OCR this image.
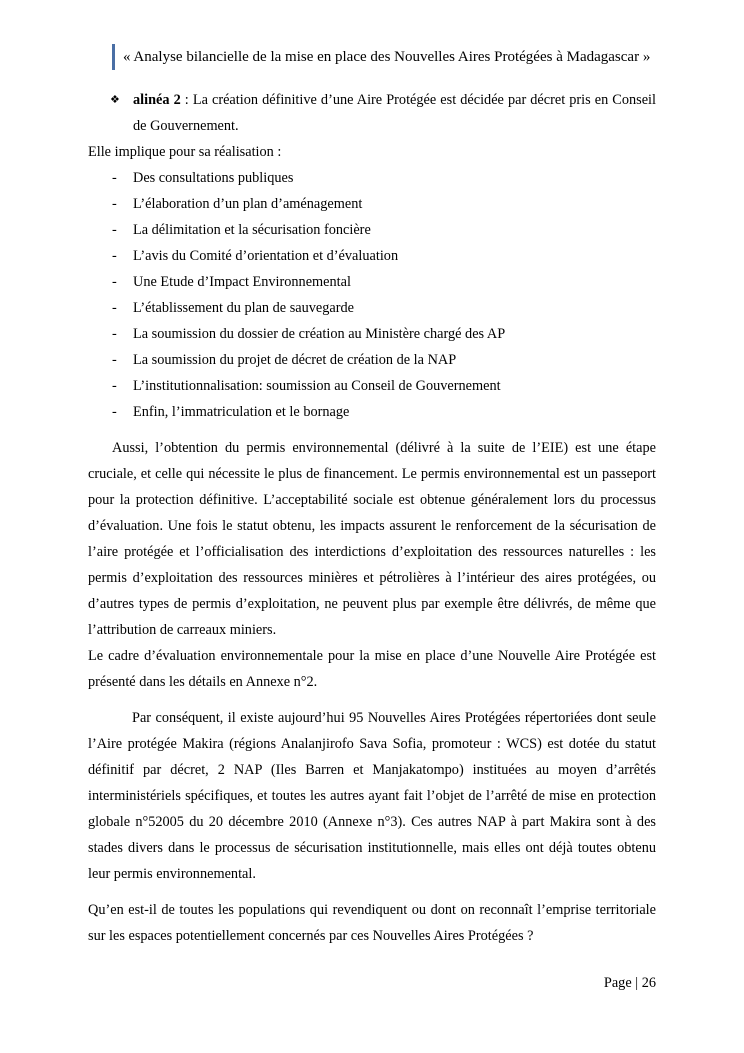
« Analyse bilancielle de la mise en place des Nouvelles Aires Protégées à Madagascar »

❖ alinéa 2 : La création définitive d’une Aire Protégée est décidée par décret pris en Conseil de Gouvernement.

Elle implique pour sa réalisation :

- Des consultations publiques
- L’élaboration d’un plan d’aménagement
- La délimitation et la sécurisation foncière
- L’avis du Comité d’orientation et d’évaluation
- Une Etude d’Impact Environnemental
- L’établissement du plan de sauvegarde
- La soumission du dossier de création au Ministère chargé des AP
- La soumission du projet de décret de création de la NAP
- L’institutionnalisation: soumission au Conseil de Gouvernement
- Enfin, l’immatriculation et le bornage

Aussi, l’obtention du permis environnemental (délivré à la suite de l’EIE) est une étape cruciale, et celle qui nécessite le plus de financement. Le permis environnemental est un passeport pour la protection définitive. L’acceptabilité sociale est obtenue généralement lors du processus d’évaluation. Une fois le statut obtenu, les impacts assurent le renforcement de la sécurisation de l’aire protégée et l’officialisation des interdictions d’exploitation des ressources naturelles : les permis d’exploitation des ressources minières et pétrolières à l’intérieur des aires protégées, ou d’autres types de permis d’exploitation, ne peuvent plus par exemple être délivrés, de même que l’attribution de carreaux miniers.

Le cadre d’évaluation environnementale pour la mise en place d’une Nouvelle Aire Protégée est présenté dans les détails en Annexe n°2.

Par conséquent, il existe aujourd’hui 95 Nouvelles Aires Protégées répertoriées dont seule l’Aire protégée Makira (régions Analanjirofo Sava Sofia, promoteur : WCS) est dotée du statut définitif par décret, 2 NAP (Iles Barren et Manjakatompo) instituées au moyen d’arrêtés interministériels spécifiques, et toutes les autres ayant fait l’objet de l’arrêté de mise en protection globale n°52005 du 20 décembre 2010 (Annexe n°3). Ces autres NAP à part Makira sont à des stades divers dans le processus de sécurisation institutionnelle, mais elles ont déjà toutes obtenu leur permis environnemental.

Qu’en est-il de toutes les populations qui revendiquent ou dont on reconnaît l’emprise territoriale sur les espaces potentiellement concernés par ces Nouvelles Aires Protégées ?

Page | 26
